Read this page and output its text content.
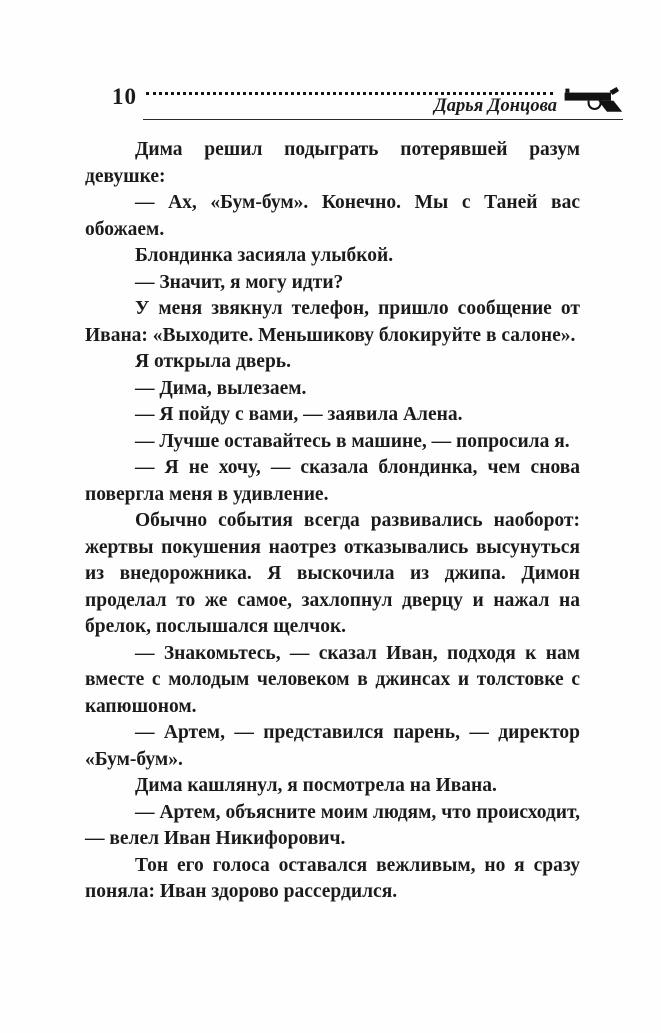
10	Дарья Донцова

Дима решил подыграть потерявшей разум девушке:

— Ах, «Бум-бум». Конечно. Мы с Таней вас обожаем.

Блондинка засияла улыбкой.

— Значит, я могу идти?

У меня звякнул телефон, пришло сообщение от Ивана: «Выходите. Меньшикову блокируйте в салоне».

Я открыла дверь.

— Дима, вылезаем.

— Я пойду с вами, — заявила Алена.

— Лучше оставайтесь в машине, — попросила я.

— Я не хочу, — сказала блондинка, чем снова повергла меня в удивление.

Обычно события всегда развивались наоборот: жертвы покушения наотрез отказывались высунуться из внедорожника. Я выскочила из джипа. Димон проделал то же самое, захлопнул дверцу и нажал на брелок, послышался щелчок.

— Знакомьтесь, — сказал Иван, подходя к нам вместе с молодым человеком в джинсах и толстовке с капюшоном.

— Артем, — представился парень, — директор «Бум-бум».

Дима кашлянул, я посмотрела на Ивана.

— Артем, объясните моим людям, что происходит, — велел Иван Никифорович.

Тон его голоса оставался вежливым, но я сразу поняла: Иван здорово рассердился.
